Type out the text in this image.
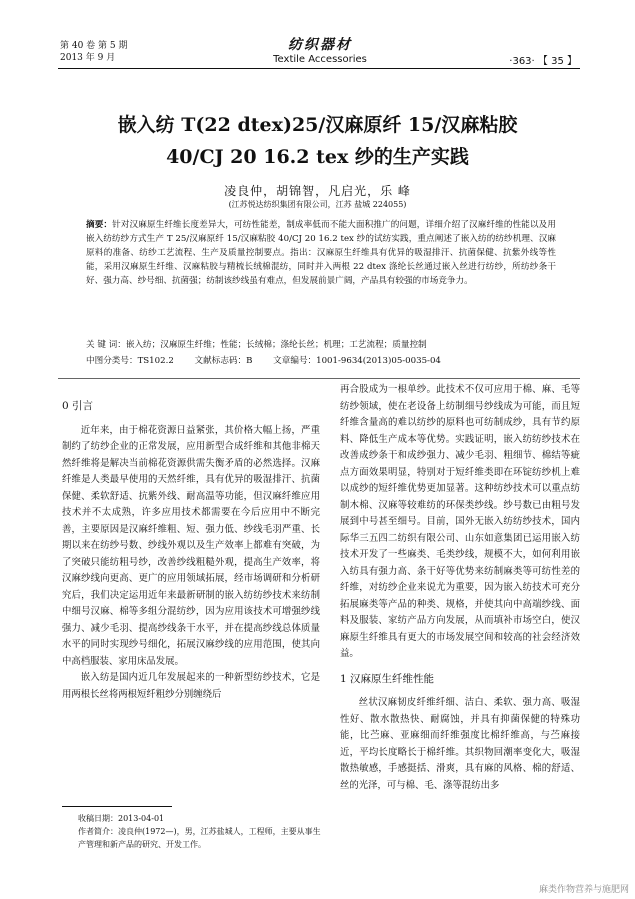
第 40 卷 第 5 期
2013 年 9 月
纺织器材
Textile Accessories	·363· 【 35 】
嵌入纺 T(22 dtex)25/汉麻原纤 15/汉麻粘胶
40/CJ 20 16.2 tex 纱的生产实践
凌良仲，胡锦智，凡启光，乐 峰
(江苏悦达纺织集团有限公司，江苏 盐城 224055)
摘要：针对汉麻原生纤维长度差异大，可纺性能差，制成率低而不能大面积推广的问题，详细介绍了汉麻纤维的性能以及用嵌入纺纺纱方式生产 T 25/汉麻原纤 15/汉麻粘胶 40/CJ 20 16.2 tex 纱的试纺实践，重点阐述了嵌入纺的纺纱机理、汉麻原料的准备、纺纱工艺流程、生产及质量控制要点。指出：汉麻原生纤维具有优异的吸湿排汗、抗菌保健、抗紫外线等性能，采用汉麻原生纤维、汉麻粘胶与精梳长绒棉混纺，同时并入两根 22 dtex 涤纶长丝通过嵌入丝进行纺纱，所纺纱条干好、强力高、纱号细、抗菌强；纺制该纱线虽有难点，但发展前景广阔，产品具有较强的市场竞争力。
关 键 词：嵌入纺；汉麻原生纤维；性能；长绒棉；涤纶长丝；机理；工艺流程；质量控制
中图分类号：TS102.2 文献标志码：B 文章编号：1001-9634(2013)05-0035-04
0 引言

近年来，由于棉花资源日益紧张，其价格大幅上扬，严重制约了纺纱企业的正常发展，应用新型合成纤维和其他非棉天然纤维将是解决当前棉花资源供需失衡矛盾的必然选择。汉麻纤维是人类最早使用的天然纤维，具有优异的吸湿排汗、抗菌保健、柔软舒适、抗紫外线、耐高温等功能，但汉麻纤维应用技术并不太成熟，许多应用技术都需要在今后应用中不断完善，主要原因是汉麻纤维粗、短、强力低、纱线毛羽严重、长期以来在纺纱号数、纱线外观以及生产效率上都难有突破，为了突破只能纺粗号纱，改善纱线粗糙外观，提高生产效率，将汉麻纱线向更高、更广的应用领域拓展，经市场调研和分析研究后，我们决定运用近年来最新研制的嵌入纺纺纱技术来纺制中细号汉麻、棉等多组分混纺纱，因为应用该技术可增强纱线强力、减少毛羽、提高纱线条干水平，并在提高纱线总体质量水平的同时实现纱号细化，拓展汉麻纱线的应用范围，使其向中高档服装、家用床品发展。

嵌入纺是国内近几年发展起来的一种新型纺纱技术，它是用两根长丝将两根短纤粗纱分别缠绕后

再合股成为一根单纱。此技术不仅可应用于棉、麻、毛等纺纱领域，使在老设备上纺制细号纱线成为可能，而且短纤维含量高的难以纺纱的原料也可纺制成纱，具有节约原料、降低生产成本等优势。实践证明，嵌入纺纺纱技术在改善成纱条干和成纱强力、减少毛羽、粗细节、棉结等疵点方面效果明显，特别对于短纤维类即在环锭纺纱机上难以成纱的短纤维优势更加显著。这种纺纱技术可以重点纺制木棉、汉麻等较难纺的环保类纱线。纱号数已由粗号发展到中号甚至细号。目前，国外无嵌入纺纺纱技术，国内际华三五四二纺织有限公司、山东如意集团已运用嵌入纺技术开发了一些麻类、毛类纱线，规模不大，如何利用嵌入纺具有强力高、条干好等优势来纺制麻类等可纺性差的纤维，对纺纱企业来说尤为重要，因为嵌入纺技术可充分拓展麻类等产品的种类、规格，并使其向中高端纱线、面料及服装、家纺产品方向发展，从而填补市场空白，使汉麻原生纤维具有更大的市场发展空间和较高的社会经济效益。

1 汉麻原生纤维性能

丝状汉麻韧皮纤维纤细、洁白、柔软、强力高、吸湿性好、散水散热快、耐腐蚀，并具有抑菌保健的特殊功能，比苎麻、亚麻细而纤维强度比棉纤维高，与苎麻接近，平均长度略长于棉纤维。其织物回潮率变化大，吸湿散热敏感，手感挺括、滑爽，具有麻的风格、棉的舒适、丝的光泽，可与棉、毛、涤等混纺出多

收稿日期：2013-04-01
作者简介：凌良仲(1972—)，男，江苏盐城人，工程师，主要从事生产管理和新产品的研究、开发工作。
麻类作物营养与施肥网
